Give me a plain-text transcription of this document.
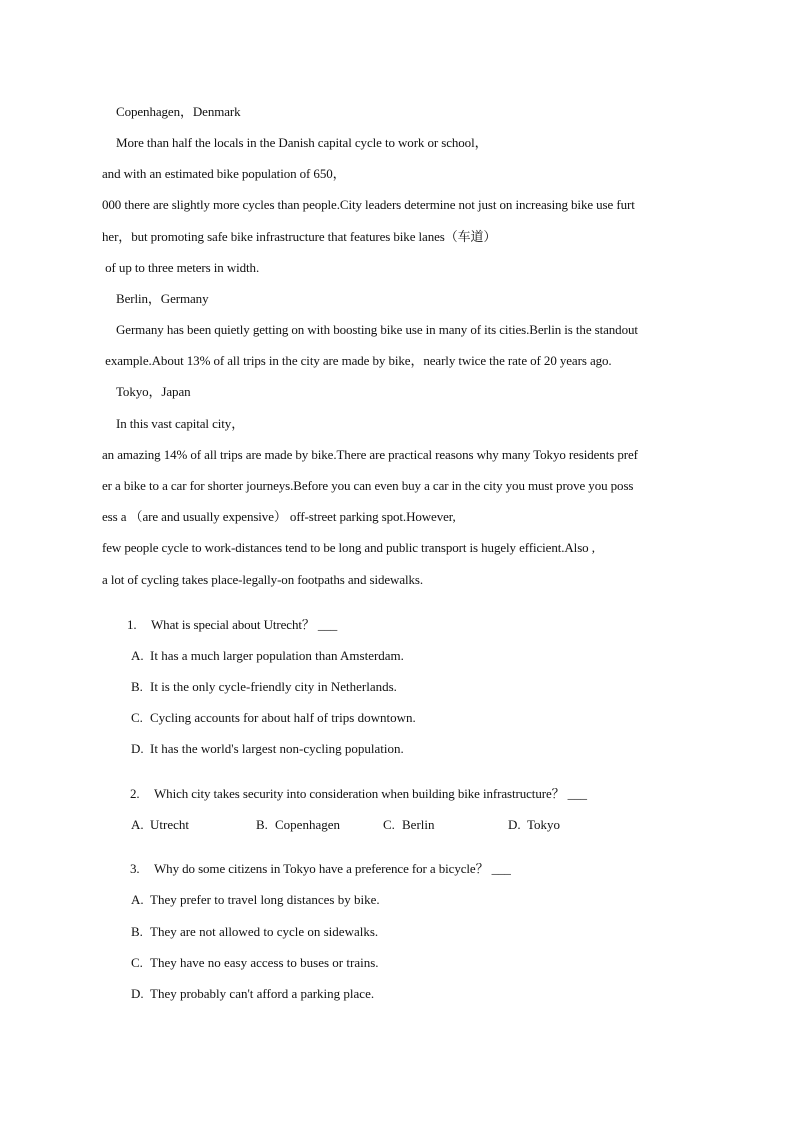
Copenhagen，Denmark
More than half the locals in the Danish capital cycle to work or school，
and with an estimated bike population of 650，
000 there are slightly more cycles than people.City leaders determine not just on increasing bike use furt
her，but promoting safe bike infrastructure that features bike lanes（车道）
of up to three meters in width.
Berlin，Germany
Germany has been quietly getting on with boosting bike use in many of its cities.Berlin is the standout
example.About 13% of all trips in the city are made by bike，nearly twice the rate of 20 years ago.
Tokyo，Japan
In this vast capital city，
an amazing 14% of all trips are made by bike.There are practical reasons why many Tokyo residents pref
er a bike to a car for shorter journeys.Before you can even buy a car in the city you must prove you poss
ess a （are and usually expensive） off-street parking spot.However,
few people cycle to work-distances tend to be long and public transport is hugely efficient.Also ,
a lot of cycling takes place-legally-on footpaths and sidewalks.
1. What is special about Utrecht？ ___
A. It has a much larger population than Amsterdam.
B. It is the only cycle-friendly city in Netherlands.
C. Cycling accounts for about half of trips downtown.
D. It has the world's largest non-cycling population.
2. Which city takes security into consideration when building bike infrastructure？ ___
A. Utrecht	B. Copenhagen	C. Berlin	D. Tokyo
3. Why do some citizens in Tokyo have a preference for a bicycle？ ___
A. They prefer to travel long distances by bike.
B. They are not allowed to cycle on sidewalks.
C. They have no easy access to buses or trains.
D. They probably can't afford a parking place.
